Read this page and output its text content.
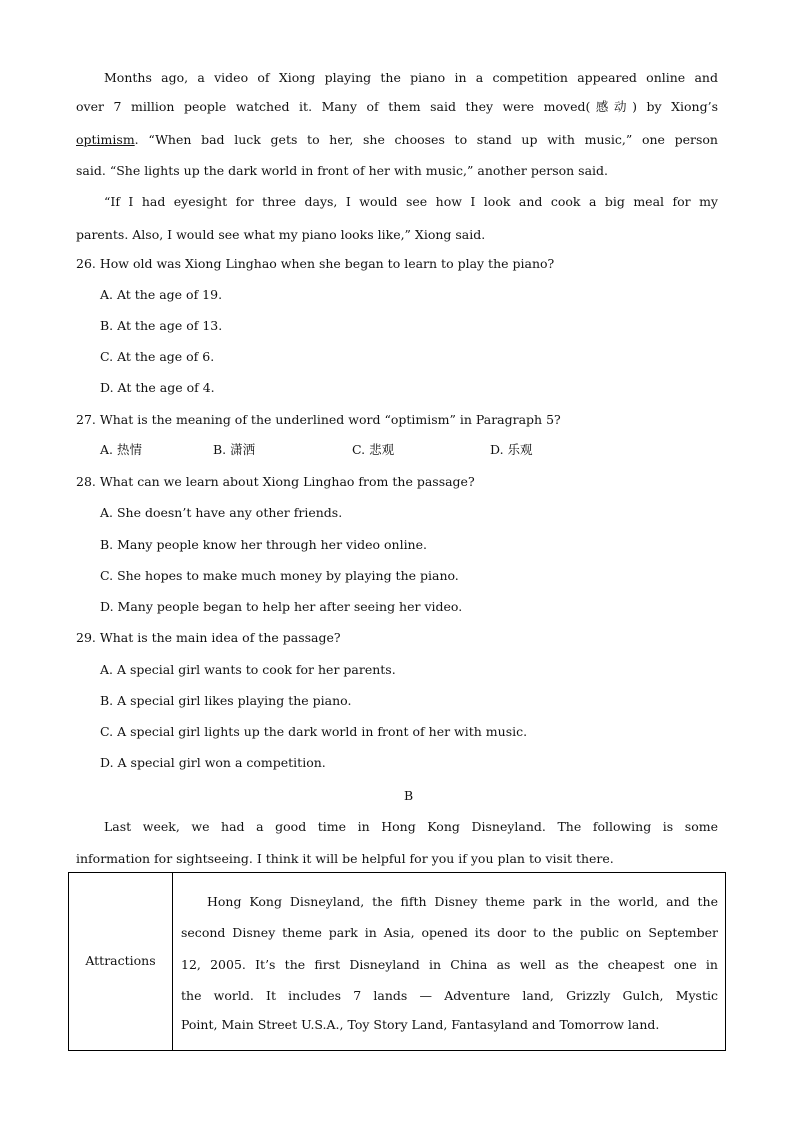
Months ago, a video of Xiong playing the piano in a competition appeared online and
over 7 million people watched it. Many of them said they were moved(感动) by Xiong’s
optimism. “When bad luck gets to her, she chooses to stand up with music,” one person
said. “She lights up the dark world in front of her with music,” another person said.
“If I had eyesight for three days, I would see how I look and cook a big meal for my
parents. Also, I would see what my piano looks like,” Xiong said.
26. How old was Xiong Linghao when she began to learn to play the piano?
A. At the age of 19.
B. At the age of 13.
C. At the age of 6.
D. At the age of 4.
27. What is the meaning of the underlined word “optimism” in Paragraph 5?
A. 热情	B. 潇洒	C. 悲观	D. 乐观
28. What can we learn about Xiong Linghao from the passage?
A. She doesn’t have any other friends.
B. Many people know her through her video online.
C. She hopes to make much money by playing the piano.
D. Many people began to help her after seeing her video.
29. What is the main idea of the passage?
A. A special girl wants to cook for her parents.
B. A special girl likes playing the piano.
C. A special girl lights up the dark world in front of her with music.
D. A special girl won a competition.
B
Last week, we had a good time in Hong Kong Disneyland. The following is some
information for sightseeing. I think it will be helpful for you if you plan to visit there.
Attractions	
Hong Kong Disneyland, the fifth Disney theme park in the world, and the
second Disney theme park in Asia, opened its door to the public on September
12, 2005. It’s the first Disneyland in China as well as the cheapest one in
the world. It includes 7 lands — Adventure land, Grizzly Gulch, Mystic
Point, Main Street U.S.A., Toy Story Land, Fantasyland and Tomorrow land.
